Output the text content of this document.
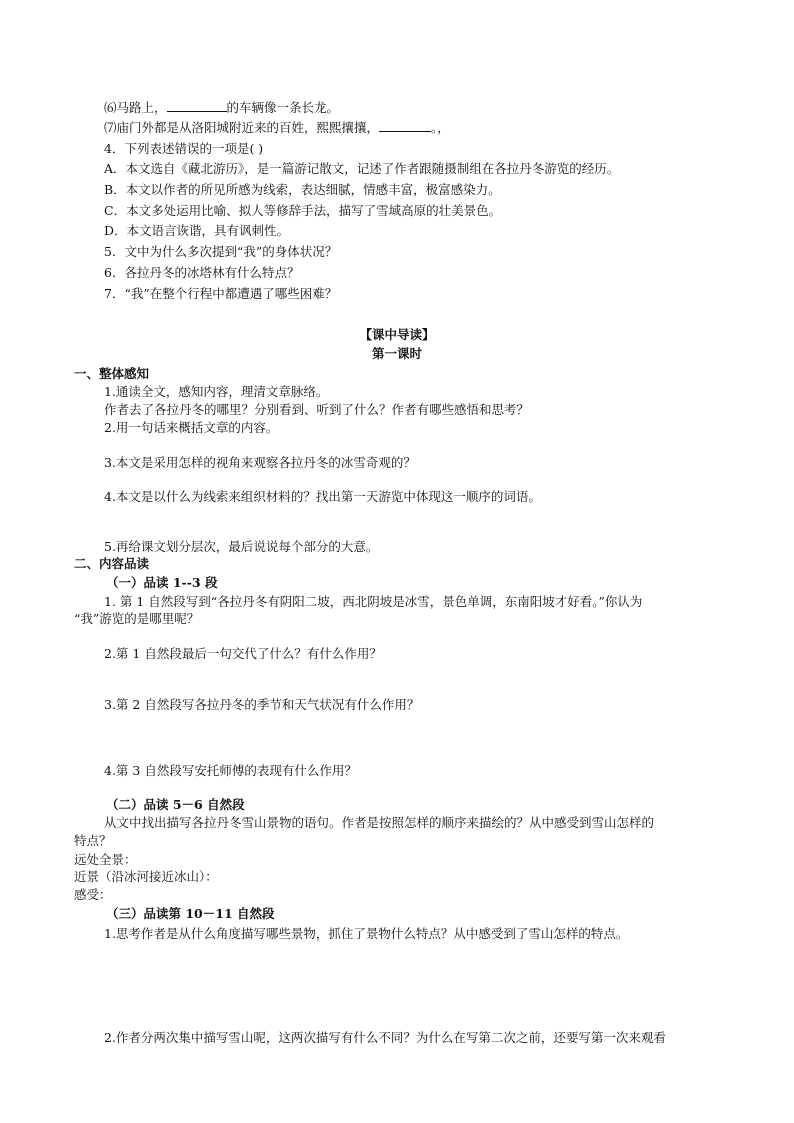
⑹马路上，	的车辆像一条长龙。
⑺庙门外都是从洛阳城附近来的百姓，熙熙攘攘，	。，
4．下列表述错误的一项是( )
A．本文选自《藏北游历》，是一篇游记散文，记述了作者跟随摄制组在各拉丹冬游览的经历。
B．本文以作者的所见所感为线索，表达细腻，情感丰富，极富感染力。
C．本文多处运用比喻、拟人等修辞手法，描写了雪域高原的壮美景色。
D．本文语言诙谐，具有讽刺性。
5．文中为什么多次提到“我”的身体状况？
6．各拉丹冬的冰塔林有什么特点？
7．“我”在整个行程中都遭遇了哪些困难？
【课中导读】
第一课时
一、整体感知
1.通读全文，感知内容，理清文章脉络。
作者去了各拉丹冬的哪里？分别看到、听到了什么？作者有哪些感悟和思考？
2.用一句话来概括文章的内容。
3.本文是采用怎样的视角来观察各拉丹冬的冰雪奇观的？
4.本文是以什么为线索来组织材料的？找出第一天游览中体现这一顺序的词语。
5.再给课文划分层次，最后说说每个部分的大意。
二、内容品读
（一）品读 1--3 段
1. 第 1 自然段写到“各拉丹冬有阴阳二坡，西北阴坡是冰雪，景色单调，东南阳坡才好看。”你认为
“我”游览的是哪里呢？
2.第 1 自然段最后一句交代了什么？有什么作用？
3.第 2 自然段写各拉丹冬的季节和天气状况有什么作用？
4.第 3 自然段写安托师傅的表现有什么作用？
（二）品读 5－6 自然段
从文中找出描写各拉丹冬雪山景物的语句。作者是按照怎样的顺序来描绘的？从中感受到雪山怎样的
特点？
远处全景：
近景（沿冰河接近冰山）：
感受：
（三）品读第 10－11 自然段
1.思考作者是从什么角度描写哪些景物，抓住了景物什么特点？从中感受到了雪山怎样的特点。
2.作者分两次集中描写雪山呢，这两次描写有什么不同？为什么在写第二次之前，还要写第一次来观看
